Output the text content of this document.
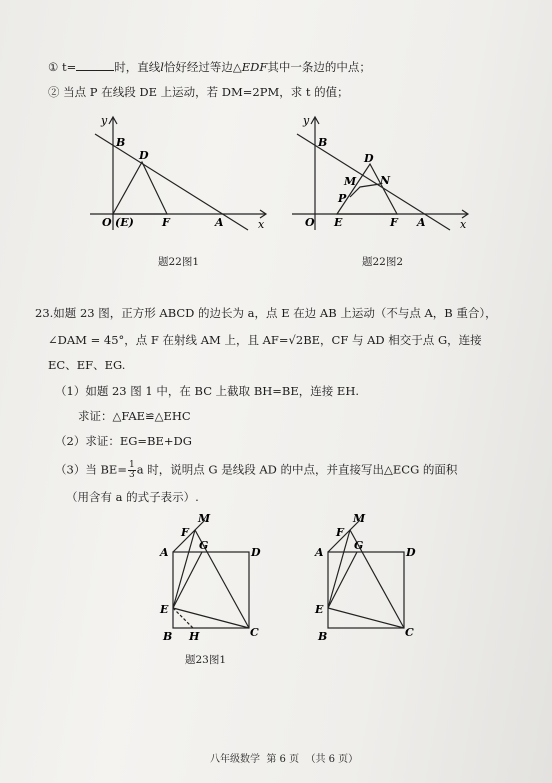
① t=	时，直线l恰好经过等边△EDF其中一条边的中点；
② 当点 P 在线段 DE 上运动，若 DM=2PM，求 t 的值；
y
x
B
D
O (E)	F	A
题22图1
y
x
B
D
M N
P
O E	F A
题22图2
23.如题 23 图，正方形 ABCD 的边长为 a，点 E 在边 AB 上运动（不与点 A，B 重合），
∠DAM = 45°，点 F 在射线 AM 上，且 AF=√2BE，CF 与 AD 相交于点 G，连接
EC、EF、EG.
（1）如题 23 图 1 中，在 BC 上截取 BH=BE，连接 EH.
求证：△FAE≌△EHC
（2）求证：EG=BE+DG
（3）当 $BE= \frac{1}{3}$ a 时，说明点 G 是线段 AD 的中点，并直接写出△ECG 的面积
（用含有 a 的式子表示）.
M
F
G
A	D
E
B H	C
题23图1
M
F
G
A	D
E
B	C
八年级数学 第 6 页 （共 6 页）
